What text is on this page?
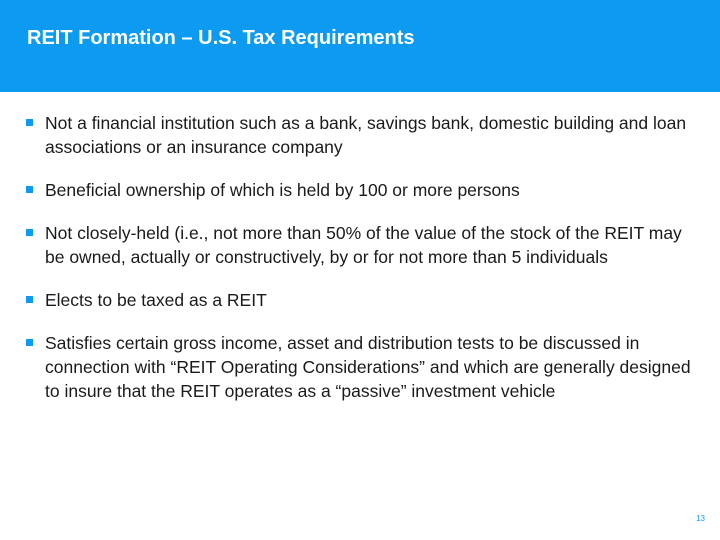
REIT Formation – U.S. Tax Requirements
Not a financial institution such as a bank, savings bank, domestic building and loan associations or an insurance company
Beneficial ownership of which is held by 100 or more persons
Not closely-held (i.e., not more than 50% of the value of the stock of the REIT may be owned, actually or constructively, by or for not more than 5 individuals
Elects to be taxed as a REIT
Satisfies certain gross income, asset and distribution tests to be discussed in connection with “REIT Operating Considerations” and which are generally designed to insure that the REIT operates as a “passive” investment vehicle
13
